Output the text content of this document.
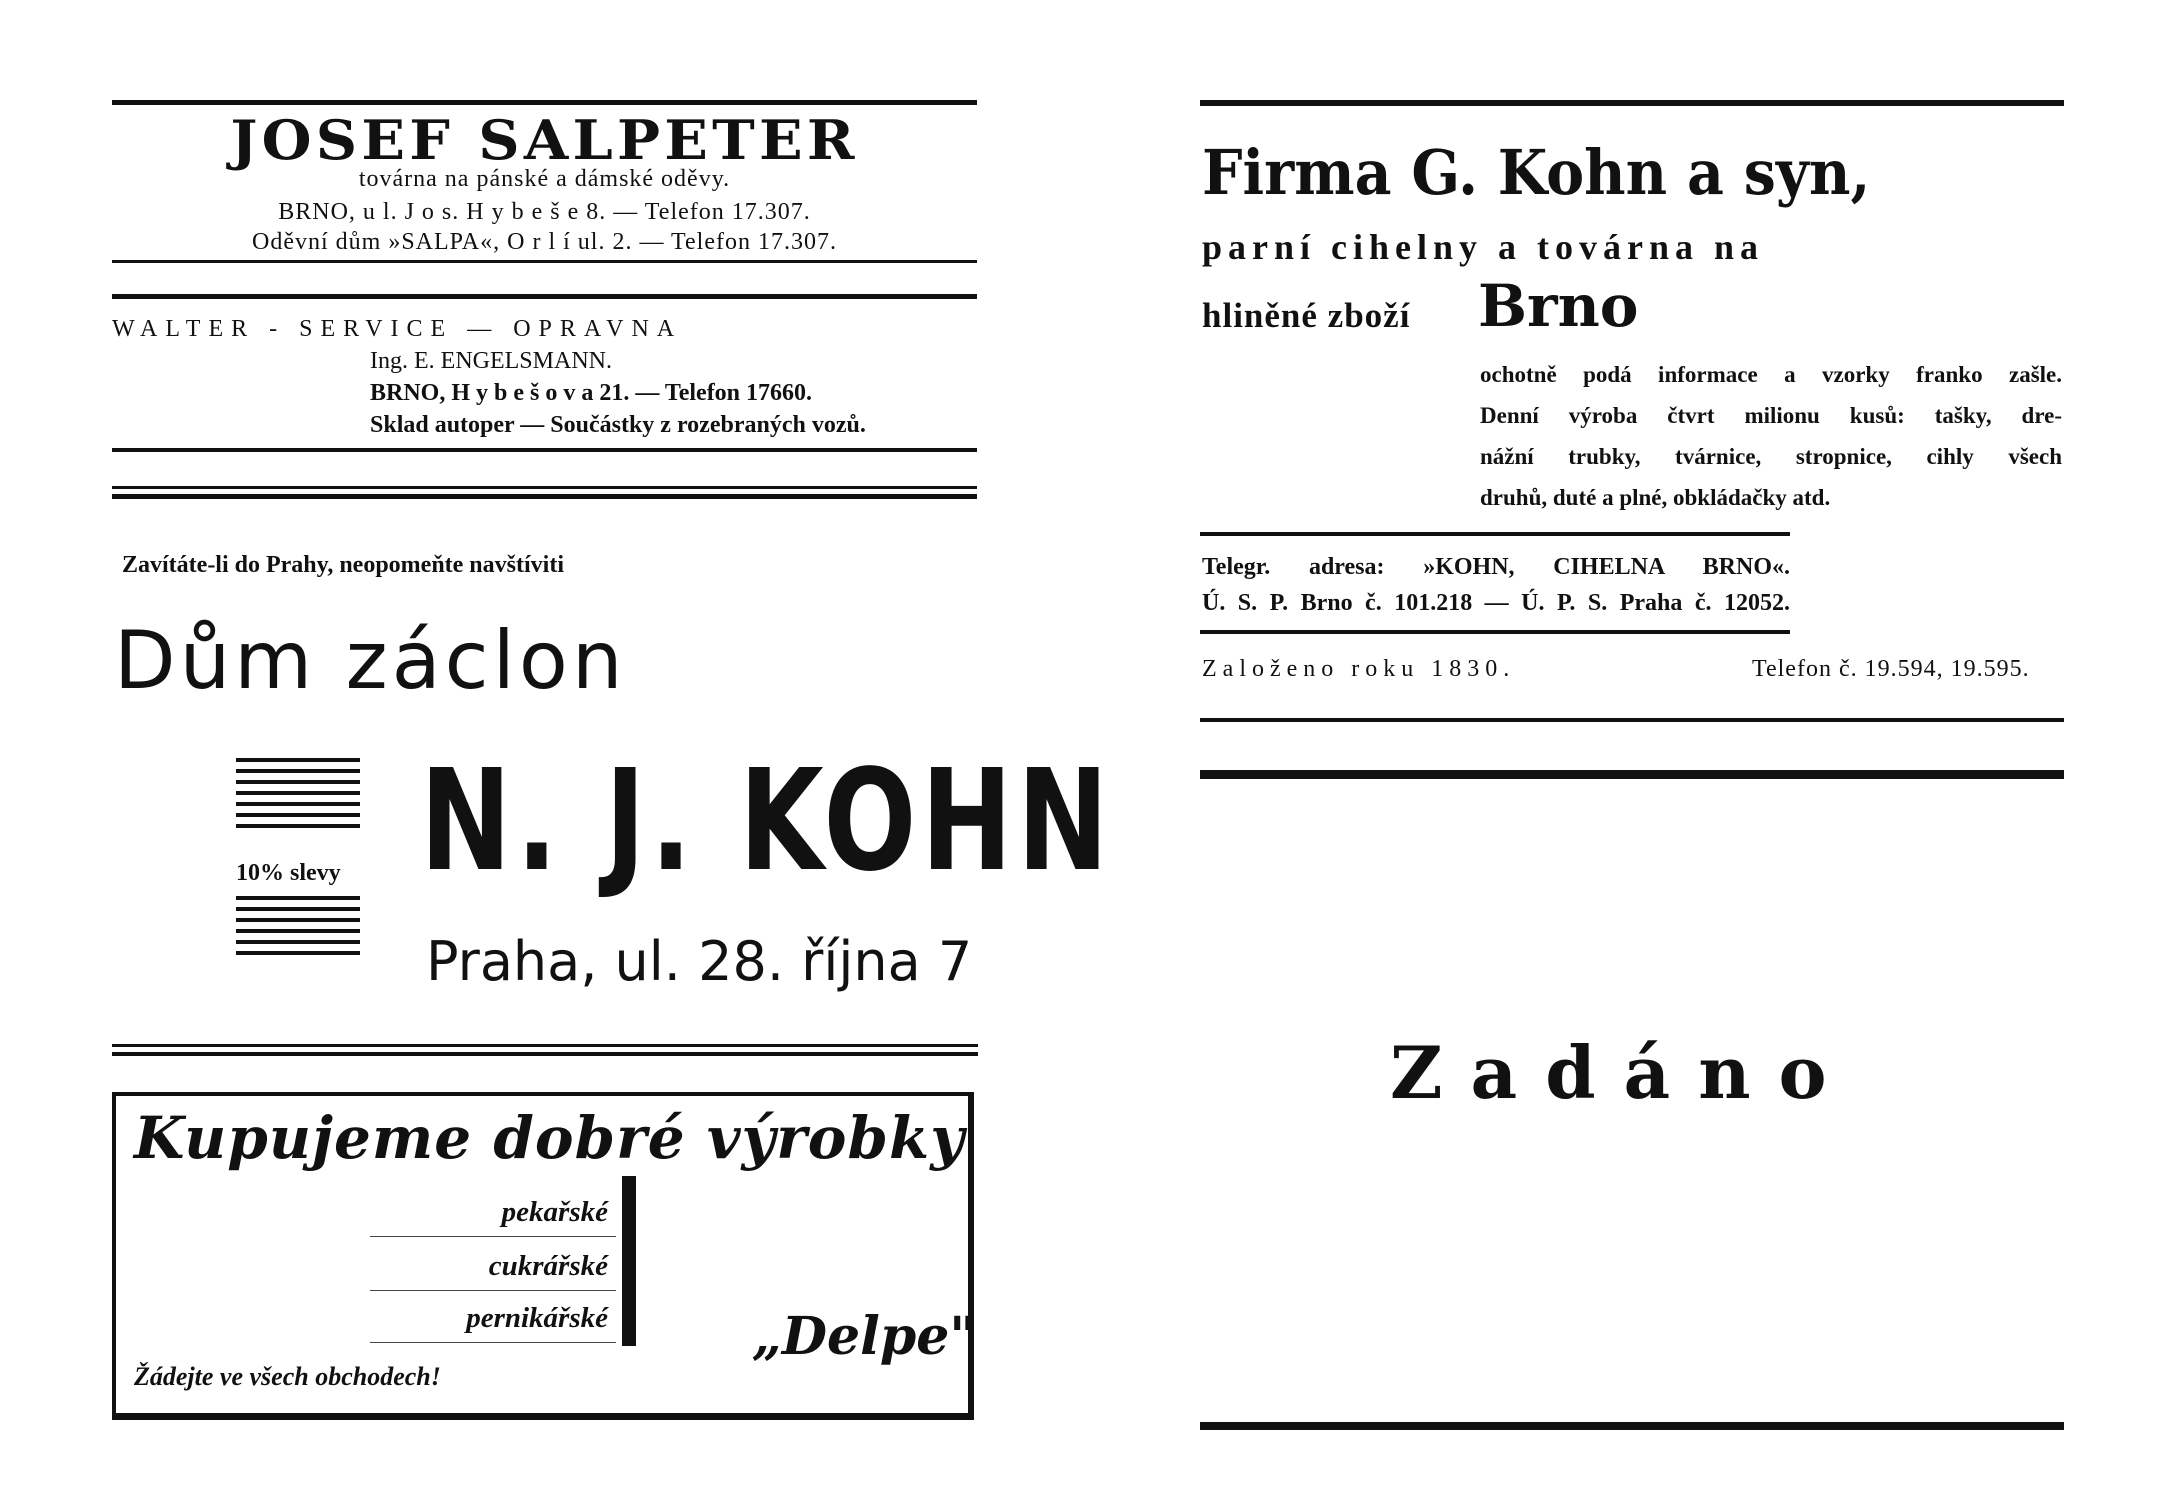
JOSEF SALPETER
továrna na pánské a dámské oděvy.
BRNO, u l. J o s. H y b e š e 8. — Telefon 17.307.
Oděvní dům »SALPA«, O r l í ul. 2. — Telefon 17.307.
WALTER - SERVICE — OPRAVNA
Ing. E. ENGELSMANN.
BRNO, H y b e š o v a 21. — Telefon 17660.
Sklad autoper — Součástky z rozebraných vozů.
Zavítáte-li do Prahy, neopomeňte navštíviti
Dům záclon
10% slevy N. J. KOHN
Praha, ul. 28. října 7
Kupujeme dobré výrobky
pekařské
cukrářské
pernikářské	„Delpe"
Žádejte ve všech obchodech!
Firma G. Kohn a syn,
parní cihelny a továrna na
hliněné zboží Brno
ochotně podá informace a vzorky franko zašle.
Denní výroba čtvrt milionu kusů: tašky, dre-
nážní trubky, tvárnice, stropnice, cihly všech
druhů, duté a plné, obkládačky atd.
Telegr. adresa: »KOHN, CIHELNA BRNO«.
Ú. S. P. Brno č. 101.218 — Ú. P. S. Praha č. 12052.
Založeno roku 1830.	Telefon č. 19.594, 19.595.
Zadáno
